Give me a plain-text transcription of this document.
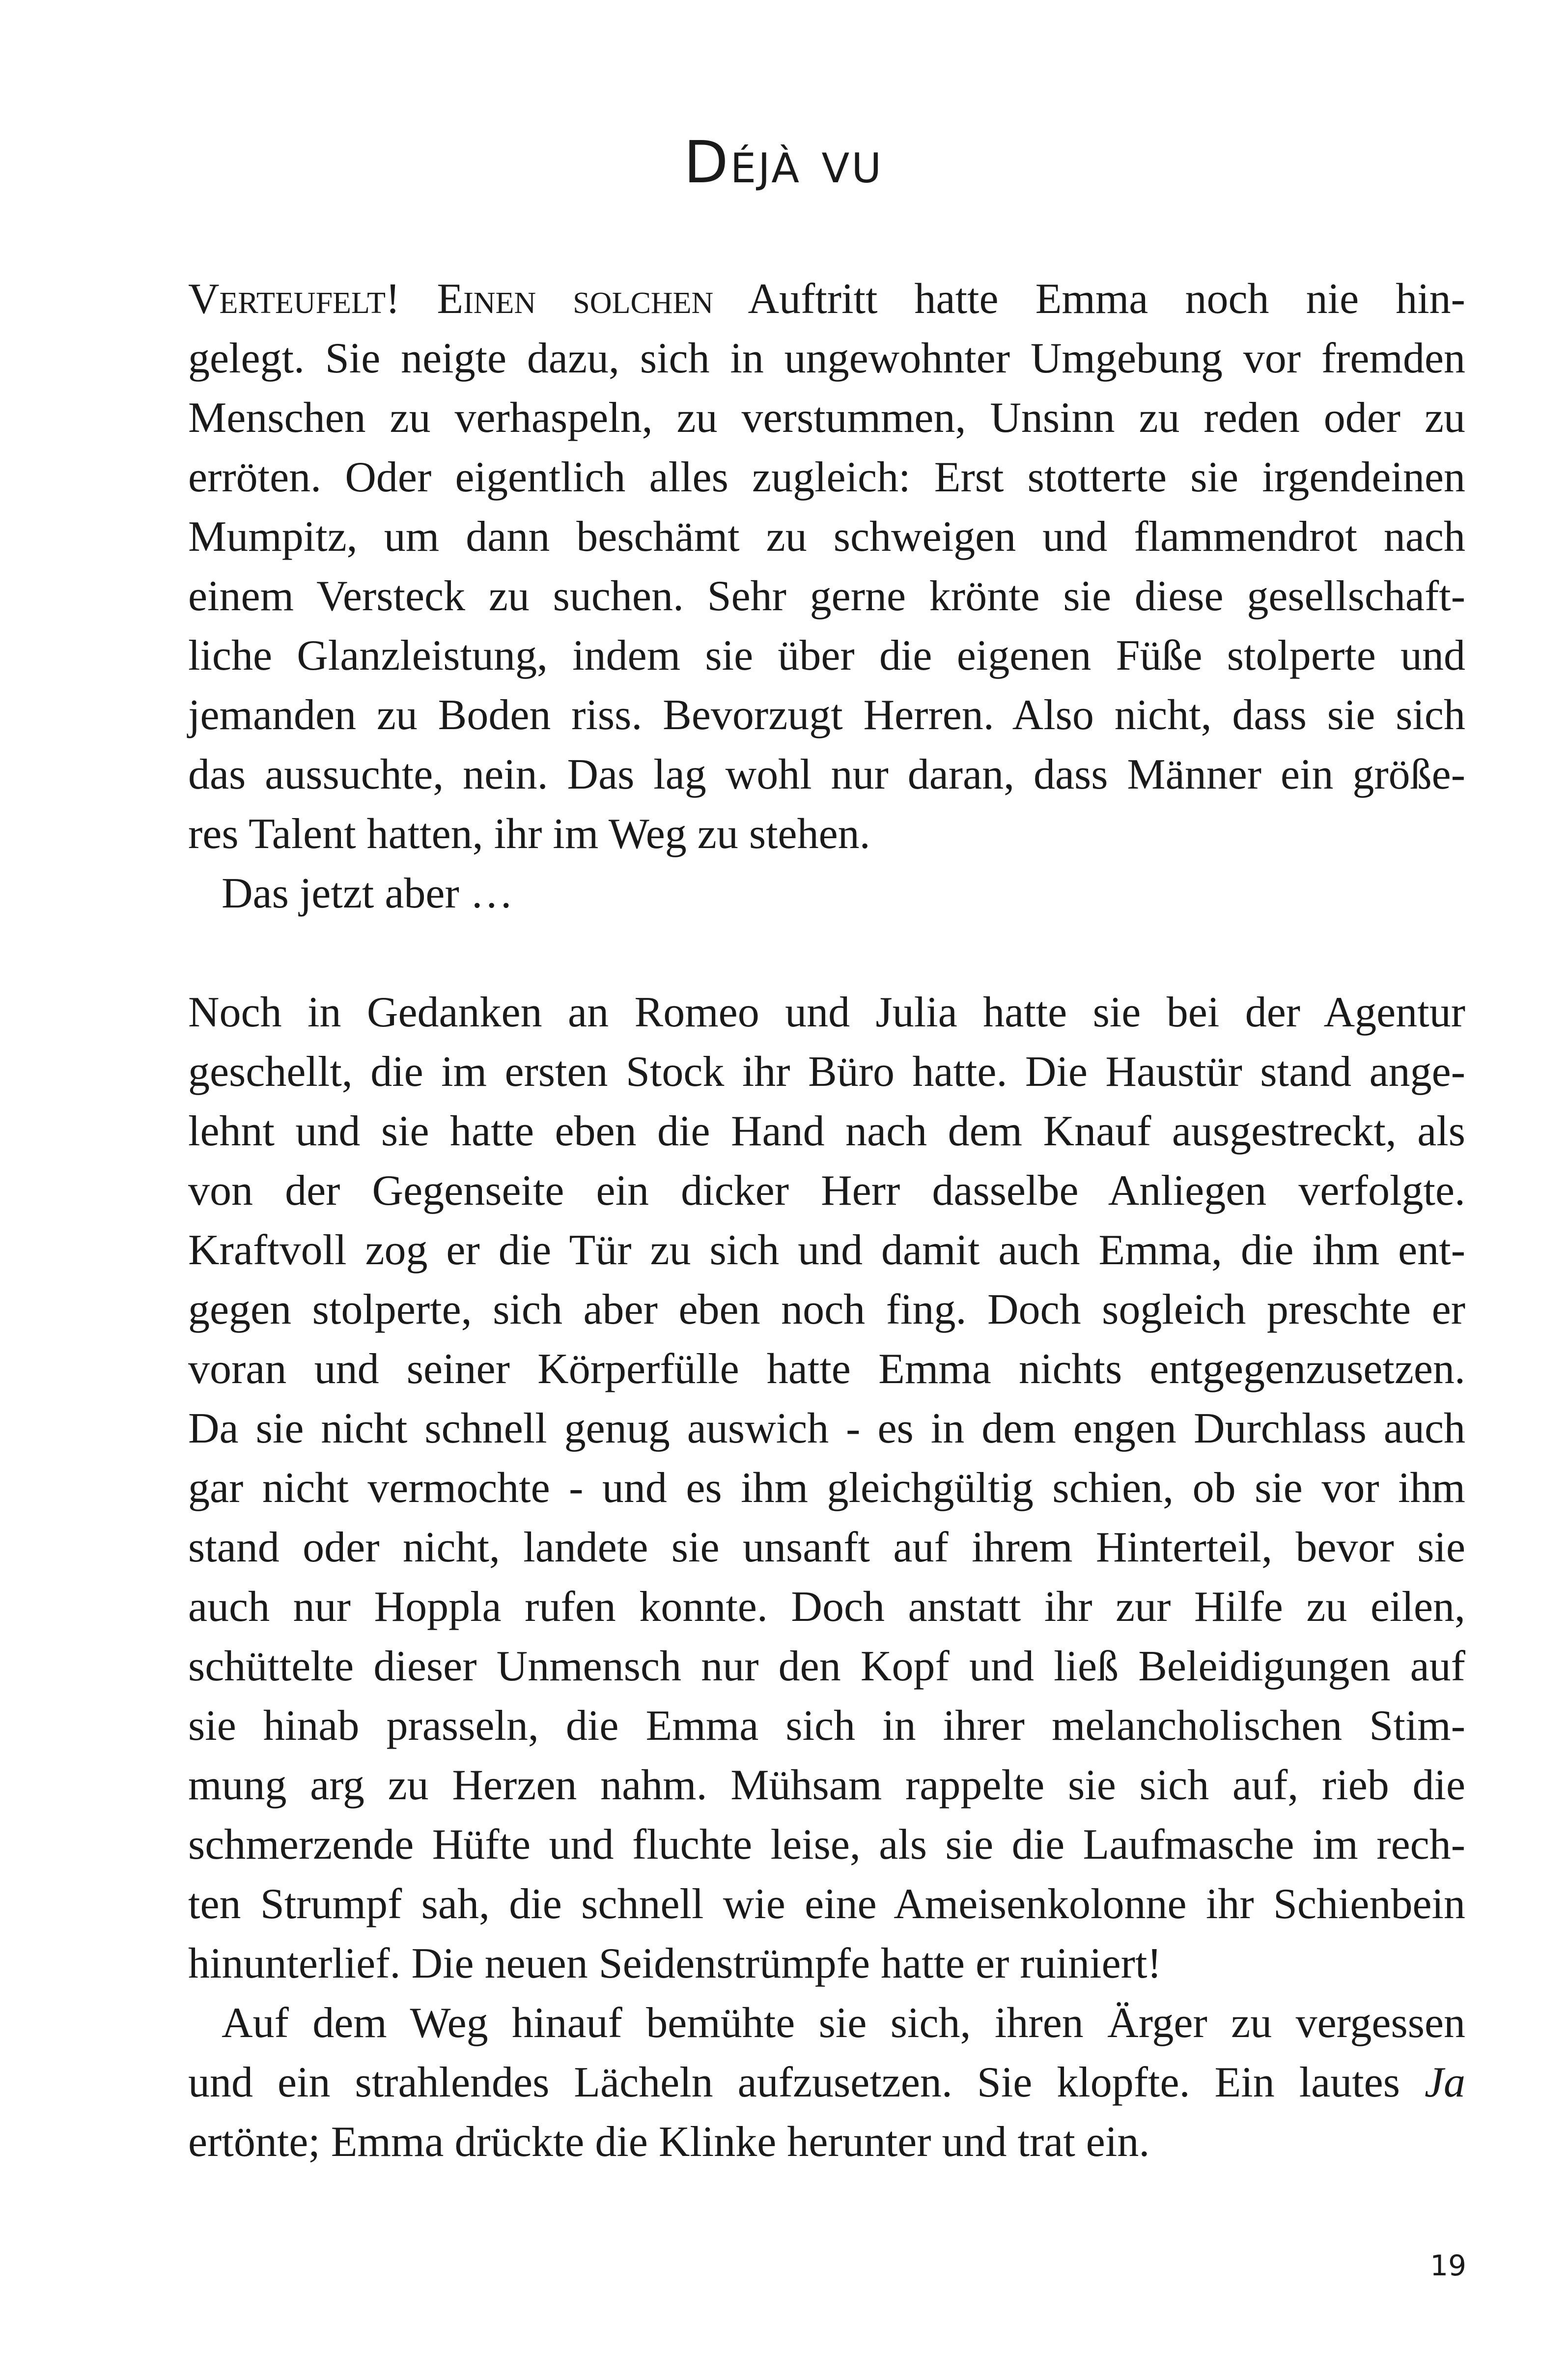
Déjà vu
Verteufelt! Einen solchen Auftritt hatte Emma noch nie hin-
gelegt. Sie neigte dazu, sich in ungewohnter Umgebung vor fremden
Menschen zu verhaspeln, zu verstummen, Unsinn zu reden oder zu
erröten. Oder eigentlich alles zugleich: Erst stotterte sie irgendeinen
Mumpitz, um dann beschämt zu schweigen und flammendrot nach
einem Versteck zu suchen. Sehr gerne krönte sie diese gesellschaft-
liche Glanzleistung, indem sie über die eigenen Füße stolperte und
jemanden zu Boden riss. Bevorzugt Herren. Also nicht, dass sie sich
das aussuchte, nein. Das lag wohl nur daran, dass Männer ein größe-
res Talent hatten, ihr im Weg zu stehen.
Das jetzt aber …
Noch in Gedanken an Romeo und Julia hatte sie bei der Agentur
geschellt, die im ersten Stock ihr Büro hatte. Die Haustür stand ange-
lehnt und sie hatte eben die Hand nach dem Knauf ausgestreckt, als
von der Gegenseite ein dicker Herr dasselbe Anliegen verfolgte.
Kraftvoll zog er die Tür zu sich und damit auch Emma, die ihm ent-
gegen stolperte, sich aber eben noch fing. Doch sogleich preschte er
voran und seiner Körperfülle hatte Emma nichts entgegenzusetzen.
Da sie nicht schnell genug auswich - es in dem engen Durchlass auch
gar nicht vermochte - und es ihm gleichgültig schien, ob sie vor ihm
stand oder nicht, landete sie unsanft auf ihrem Hinterteil, bevor sie
auch nur Hoppla rufen konnte. Doch anstatt ihr zur Hilfe zu eilen,
schüttelte dieser Unmensch nur den Kopf und ließ Beleidigungen auf
sie hinab prasseln, die Emma sich in ihrer melancholischen Stim-
mung arg zu Herzen nahm. Mühsam rappelte sie sich auf, rieb die
schmerzende Hüfte und fluchte leise, als sie die Laufmasche im rech-
ten Strumpf sah, die schnell wie eine Ameisenkolonne ihr Schienbein
hinunterlief. Die neuen Seidenstrümpfe hatte er ruiniert!
Auf dem Weg hinauf bemühte sie sich, ihren Ärger zu vergessen
und ein strahlendes Lächeln aufzusetzen. Sie klopfte. Ein lautes Ja
ertönte; Emma drückte die Klinke herunter und trat ein.
19
